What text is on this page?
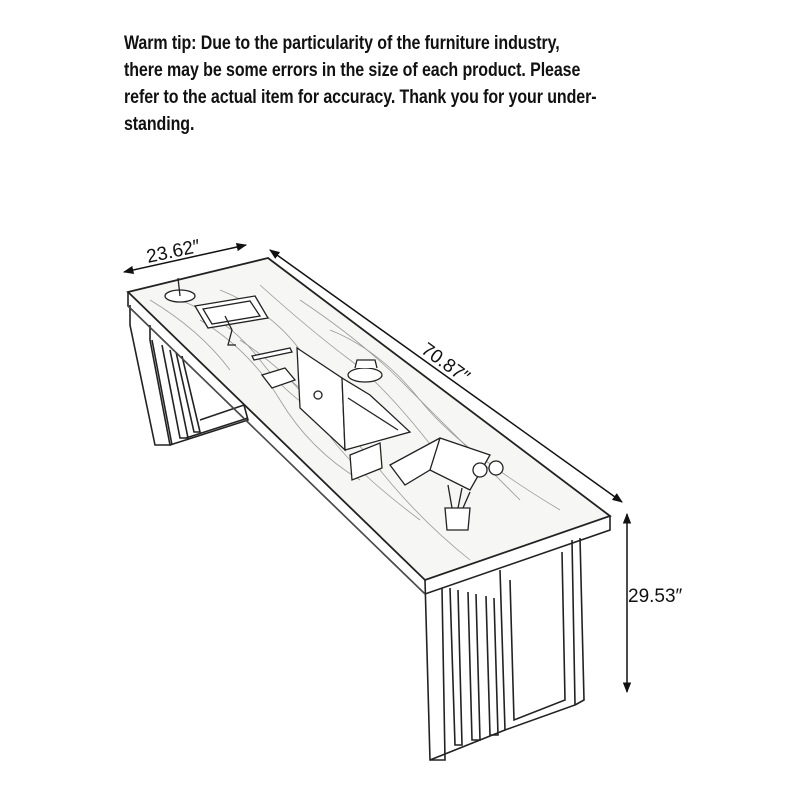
Warm tip: Due to the particularity of the furniture industry,
there may be some errors in the size of each product. Please
refer to the actual item for accuracy. Thank you for your under-
standing.
23.62″
70.87″
29.53″
